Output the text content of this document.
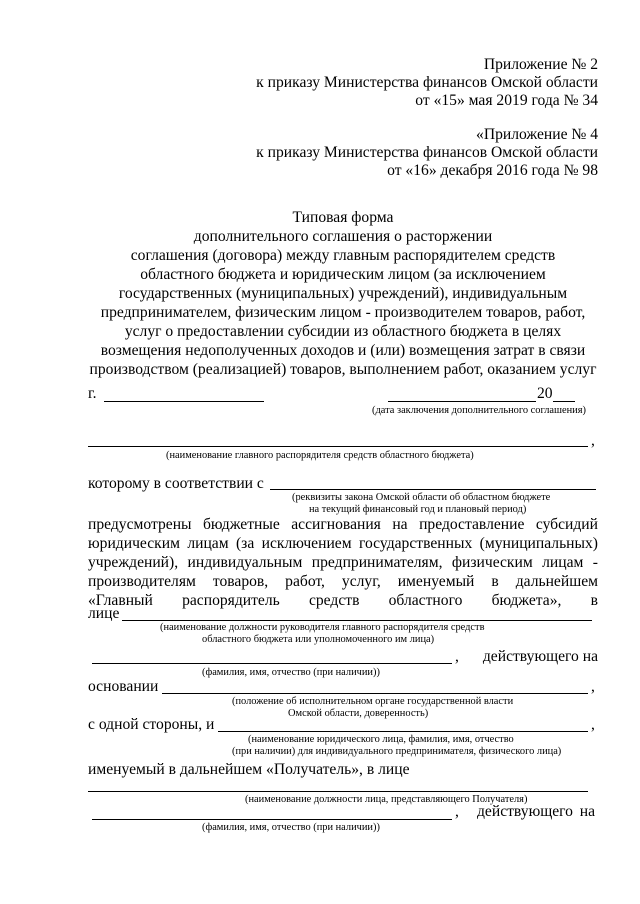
Приложение № 2
к приказу Министерства финансов Омской области
от «15» мая 2019 года № 34
«Приложение № 4
к приказу Министерства финансов Омской области
от «16» декабря 2016 года № 98
Типовая форма
дополнительного соглашения о расторжении
соглашения (договора) между главным распорядителем средств
областного бюджета и юридическим лицом (за исключением
государственных (муниципальных) учреждений), индивидуальным
предпринимателем, физическим лицом - производителем товаров, работ,
услуг о предоставлении субсидии из областного бюджета в целях
возмещения недополученных доходов и (или) возмещения затрат в связи
производством (реализацией) товаров, выполнением работ, оказанием услуг
г.	20
(дата заключения дополнительного соглашения)
,
(наименование главного распорядителя средств областного бюджета)
которому в соответствии с
(реквизиты закона Омской области об областном бюджете
на текущий финансовый год и плановый период)
предусмотрены бюджетные ассигнования на предоставление субсидий
юридическим лицам (за исключением государственных (муниципальных)
учреждений), индивидуальным предпринимателям, физическим лицам -
производителям товаров, работ, услуг, именуемый в дальнейшем
«Главный распорядитель средств областного бюджета», в
лице
(наименование должности руководителя главного распорядителя средств
областного бюджета или уполномоченного им лица)
, действующего на
(фамилия, имя, отчество (при наличии))
основании	,
(положение об исполнительном органе государственной власти
Омской области, доверенность)
с одной стороны, и	,
(наименование юридического лица, фамилия, имя, отчество
(при наличии) для индивидуального предпринимателя, физического лица)
именуемый в дальнейшем «Получатель», в лице
(наименование должности лица, представляющего Получателя)
, действующего на
(фамилия, имя, отчество (при наличии))
